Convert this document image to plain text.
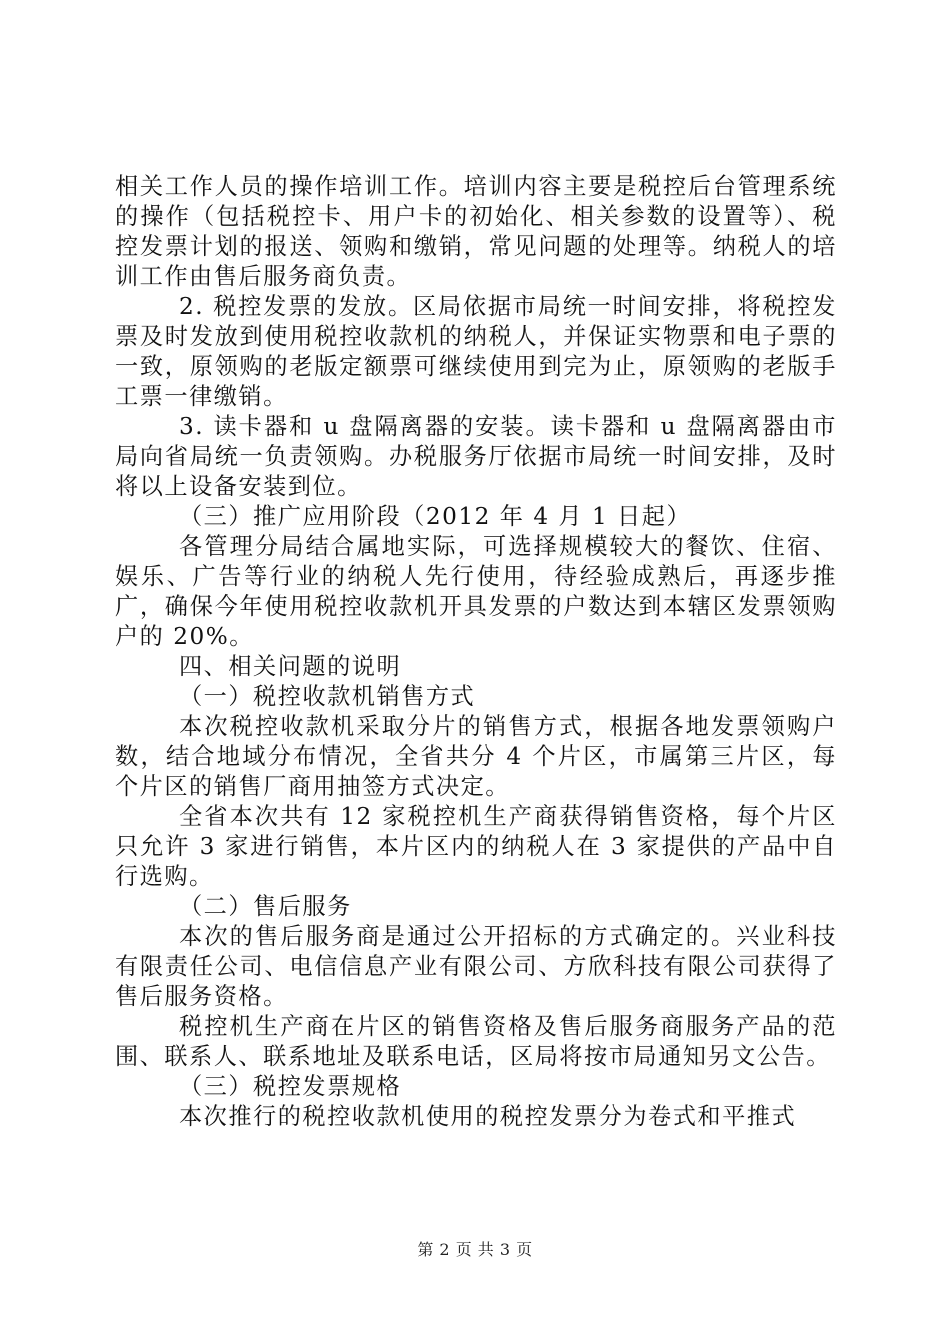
相关工作人员的操作培训工作。培训内容主要是税控后台管理系统的操作（包括税控卡、用户卡的初始化、相关参数的设置等）、税控发票计划的报送、领购和缴销，常见问题的处理等。纳税人的培训工作由售后服务商负责。

2. 税控发票的发放。区局依据市局统一时间安排，将税控发票及时发放到使用税控收款机的纳税人，并保证实物票和电子票的一致，原领购的老版定额票可继续使用到完为止，原领购的老版手工票一律缴销。

3. 读卡器和 u 盘隔离器的安装。读卡器和 u 盘隔离器由市局向省局统一负责领购。办税服务厅依据市局统一时间安排，及时将以上设备安装到位。

（三）推广应用阶段（2012 年 4 月 1 日起）

各管理分局结合属地实际，可选择规模较大的餐饮、住宿、娱乐、广告等行业的纳税人先行使用，待经验成熟后，再逐步推广，确保今年使用税控收款机开具发票的户数达到本辖区发票领购户的 20%。

四、相关问题的说明

（一）税控收款机销售方式

本次税控收款机采取分片的销售方式，根据各地发票领购户数，结合地域分布情况，全省共分 4 个片区，市属第三片区，每个片区的销售厂商用抽签方式决定。

全省本次共有 12 家税控机生产商获得销售资格，每个片区只允许 3 家进行销售，本片区内的纳税人在 3 家提供的产品中自行选购。

（二）售后服务

本次的售后服务商是通过公开招标的方式确定的。兴业科技有限责任公司、电信信息产业有限公司、方欣科技有限公司获得了售后服务资格。

税控机生产商在片区的销售资格及售后服务商服务产品的范围、联系人、联系地址及联系电话，区局将按市局通知另文公告。

（三）税控发票规格

本次推行的税控收款机使用的税控发票分为卷式和平推式

第 2 页 共 3 页
